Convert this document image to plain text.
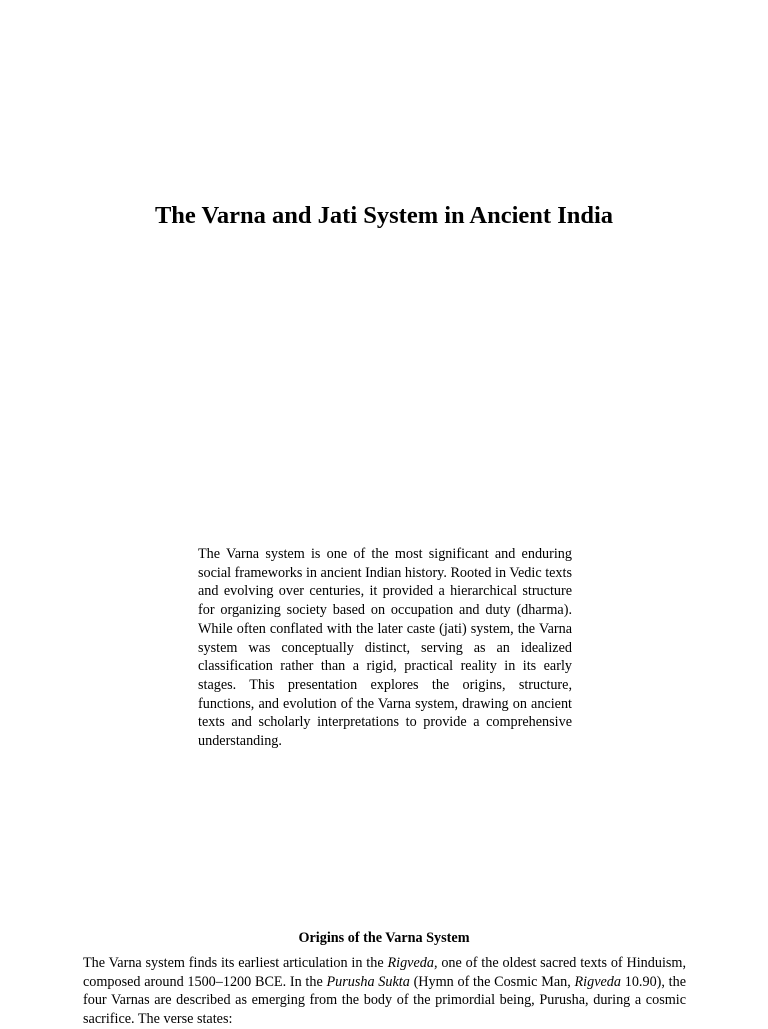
The Varna and Jati System in Ancient India

The Varna system is one of the most significant and enduring social frameworks in ancient Indian history. Rooted in Vedic texts and evolving over centuries, it provided a hierarchical structure for organizing society based on occupation and duty (dharma). While often conflated with the later caste (jati) system, the Varna system was conceptually distinct, serving as an idealized classification rather than a rigid, practical reality in its early stages. This presentation explores the origins, structure, functions, and evolution of the Varna system, drawing on ancient texts and scholarly interpretations to provide a comprehensive understanding.

Origins of the Varna System

The Varna system finds its earliest articulation in the Rigveda, one of the oldest sacred texts of Hinduism, composed around 1500–1200 BCE. In the Purusha Sukta (Hymn of the Cosmic Man, Rigveda 10.90), the four Varnas are described as emerging from the body of the primordial being, Purusha, during a cosmic sacrifice. The verse states:
